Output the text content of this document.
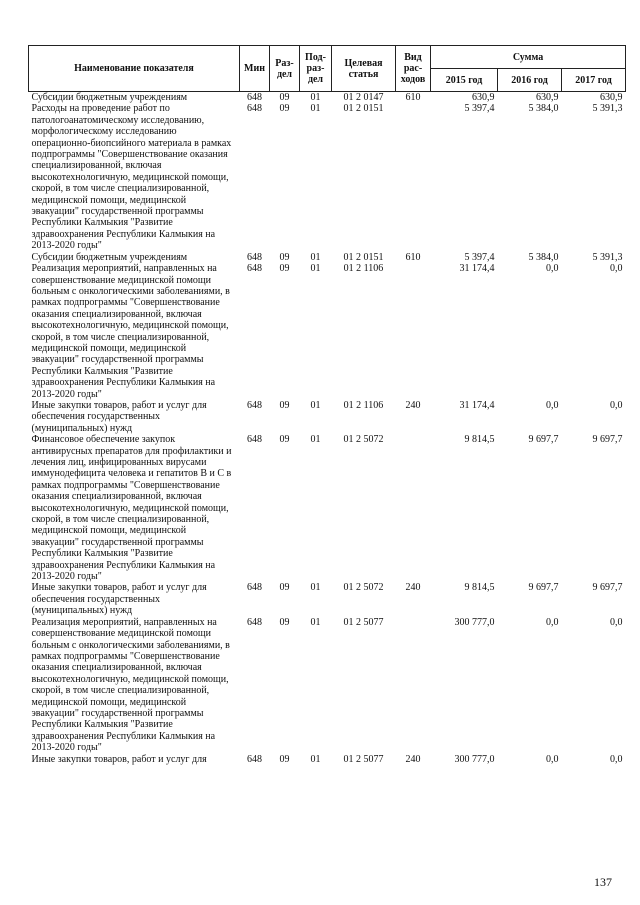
Наименование показателя	Мин	Раз-дел	Под-раз-дел	Целевая статья	Вид рас-ходов	Сумма		
						2015 год	2016 год	2017 год
Субсидии бюджетным учреждениям	648	09	01	01 2 0147	610	630,9	630,9	630,9
Расходы на проведение работ по патологоанатомическому исследованию, морфологическому исследованию операционно-биопсийного материала в рамках подпрограммы "Совершенствование оказания специализированной, включая высокотехнологичную, медицинской помощи, скорой, в том числе специализированной, медицинской помощи, медицинской эвакуации" государственной программы Республики Калмыкия "Развитие здравоохранения Республики Калмыкия на 2013-2020 годы"	648	09	01	01 2 0151		5 397,4	5 384,0	5 391,3
Субсидии бюджетным учреждениям	648	09	01	01 2 0151	610	5 397,4	5 384,0	5 391,3
Реализация мероприятий, направленных на совершенствование медицинской помощи больным с онкологическими заболеваниями, в рамках подпрограммы "Совершенствование оказания специализированной, включая высокотехнологичную, медицинской помощи, скорой, в том числе специализированной, медицинской помощи, медицинской эвакуации" государственной программы Республики Калмыкия "Развитие здравоохранения Республики Калмыкия на 2013-2020 годы"	648	09	01	01 2 1106		31 174,4	0,0	0,0
Иные закупки товаров, работ и услуг для обеспечения государственных (муниципальных) нужд	648	09	01	01 2 1106	240	31 174,4	0,0	0,0
Финансовое обеспечение закупок антивирусных препаратов для профилактики и лечения лиц, инфицированных вирусами иммунодефицита человека и гепатитов В и С в рамках подпрограммы "Совершенствование оказания специализированной, включая высокотехнологичную, медицинской помощи, скорой, в том числе специализированной, медицинской помощи, медицинской эвакуации" государственной программы Республики Калмыкия "Развитие здравоохранения Республики Калмыкия на 2013-2020 годы"	648	09	01	01 2 5072		9 814,5	9 697,7	9 697,7
Иные закупки товаров, работ и услуг для обеспечения государственных (муниципальных) нужд	648	09	01	01 2 5072	240	9 814,5	9 697,7	9 697,7
Реализация мероприятий, направленных на совершенствование медицинской помощи больным с онкологическими заболеваниями, в рамках подпрограммы "Совершенствование оказания специализированной, включая высокотехнологичную, медицинской помощи, скорой, в том числе специализированной, медицинской помощи, медицинской эвакуации" государственной программы Республики Калмыкия "Развитие здравоохранения Республики Калмыкия на 2013-2020 годы"	648	09	01	01 2 5077		300 777,0	0,0	0,0
Иные закупки товаров, работ и услуг для	648	09	01	01 2 5077	240	300 777,0	0,0	0,0
137
